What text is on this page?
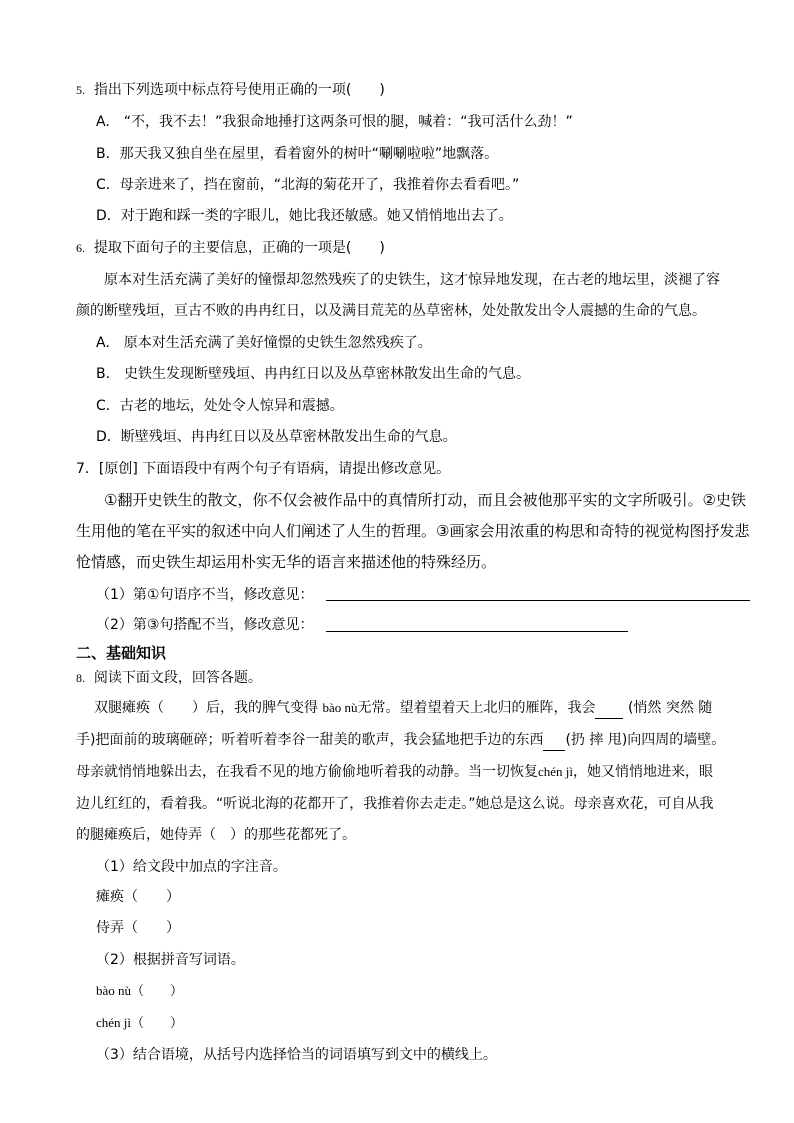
5. 指出下列选项中标点符号使用正确的一项(　　)
A.　“不，我不去！”我狠命地捶打这两条可恨的腿，喊着：“我可活什么劲！”
B．那天我又独自坐在屋里，看着窗外的树叶“唰唰啦啦”地飘落。
C．母亲进来了，挡在窗前，“北海的菊花开了，我推着你去看看吧。”
D．对于跑和踩一类的字眼儿，她比我还敏感。她又悄悄地出去了。
6. 提取下面句子的主要信息，正确的一项是(　　)
原本对生活充满了美好的憧憬却忽然残疾了的史铁生，这才惊异地发现，在古老的地坛里，淡褪了容
颜的断壁残垣，亘古不败的冉冉红日，以及满目荒芜的丛草密林，处处散发出令人震撼的生命的气息。
A.　原本对生活充满了美好憧憬的史铁生忽然残疾了。
B.　史铁生发现断壁残垣、冉冉红日以及丛草密林散发出生命的气息。
C．古老的地坛，处处令人惊异和震撼。
D．断壁残垣、冉冉红日以及丛草密林散发出生命的气息。
7．[原创] 下面语段中有两个句子有语病，请提出修改意见。
①翻开史铁生的散文，你不仅会被作品中的真情所打动，而且会被他那平实的文字所吸引。②史铁
生用他的笔在平实的叙述中向人们阐述了人生的哲理。③画家会用浓重的构思和奇特的视觉构图抒发悲
怆情感，而史铁生却运用朴实无华的语言来描述他的特殊经历。
（1）第①句语序不当，修改意见：
（2）第③句搭配不当，修改意见：
二、基础知识
8. 阅读下面文段，回答各题。
双腿瘫痪（　　）后，我的脾气变得 bào nù无常。望着望着天上北归的雁阵，我会 (悄然 突然 随
手)把面前的玻璃砸碎；听着听着李谷一甜美的歌声，我会猛地把手边的东西 (扔 摔 甩)向四周的墙壁。
母亲就悄悄地躲出去，在我看不见的地方偷偷地听着我的动静。当一切恢复chén jì，她又悄悄地进来，眼
边儿红红的，看着我。“听说北海的花都开了，我推着你去走走。”她总是这么说。母亲喜欢花，可自从我
的腿瘫痪后，她侍弄（　）的那些花都死了。
（1）给文段中加点的字注音。
瘫痪（　　）
侍弄（　　）
（2）根据拼音写词语。
bào nù（　　）
chén jì（　　）
（3）结合语境，从括号内选择恰当的词语填写到文中的横线上。
